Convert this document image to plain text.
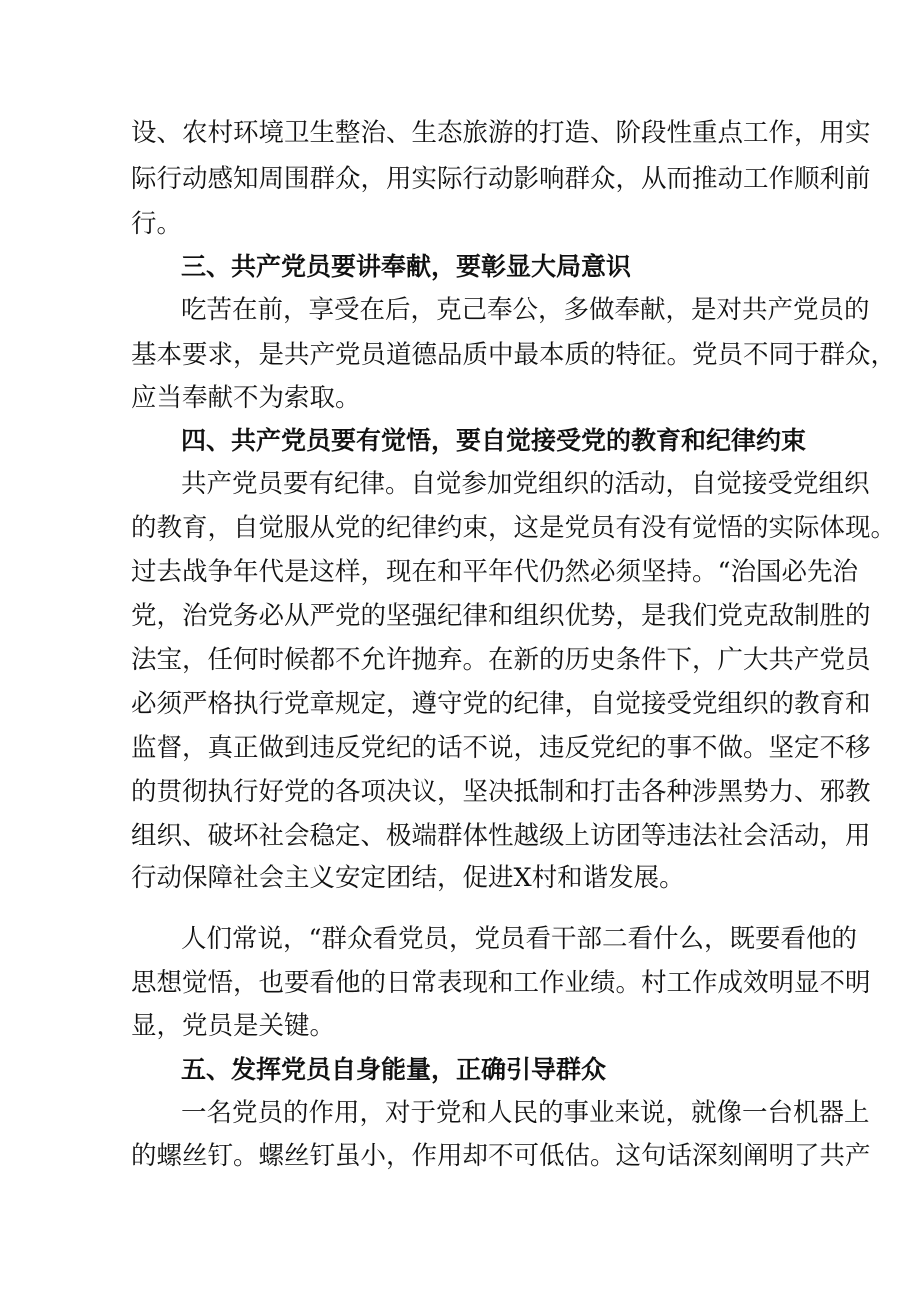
设、农村环境卫生整治、生态旅游的打造、阶段性重点工作，用实
际行动感知周围群众，用实际行动影响群众，从而推动工作顺利前
行。
三、共产党员要讲奉献，要彰显大局意识
吃苦在前，享受在后，克己奉公，多做奉献，是对共产党员的
基本要求，是共产党员道德品质中最本质的特征。党员不同于群众，
应当奉献不为索取。
四、共产党员要有觉悟，要自觉接受党的教育和纪律约束
共产党员要有纪律。自觉参加党组织的活动，自觉接受党组织
的教育，自觉服从党的纪律约束，这是党员有没有觉悟的实际体现。
过去战争年代是这样，现在和平年代仍然必须坚持。“治国必先治
党，治党务必从严党的坚强纪律和组织优势，是我们党克敌制胜的
法宝，任何时候都不允许抛弃。在新的历史条件下，广大共产党员
必须严格执行党章规定，遵守党的纪律，自觉接受党组织的教育和
监督，真正做到违反党纪的话不说，违反党纪的事不做。坚定不移
的贯彻执行好党的各项决议，坚决抵制和打击各种涉黑势力、邪教
组织、破坏社会稳定、极端群体性越级上访团等违法社会活动，用
行动保障社会主义安定团结，促进X村和谐发展。
人们常说，“群众看党员，党员看干部二看什么，既要看他的
思想觉悟，也要看他的日常表现和工作业绩。村工作成效明显不明
显，党员是关键。
五、发挥党员自身能量，正确引导群众
一名党员的作用，对于党和人民的事业来说，就像一台机器上
的螺丝钉。螺丝钉虽小，作用却不可低估。这句话深刻阐明了共产
